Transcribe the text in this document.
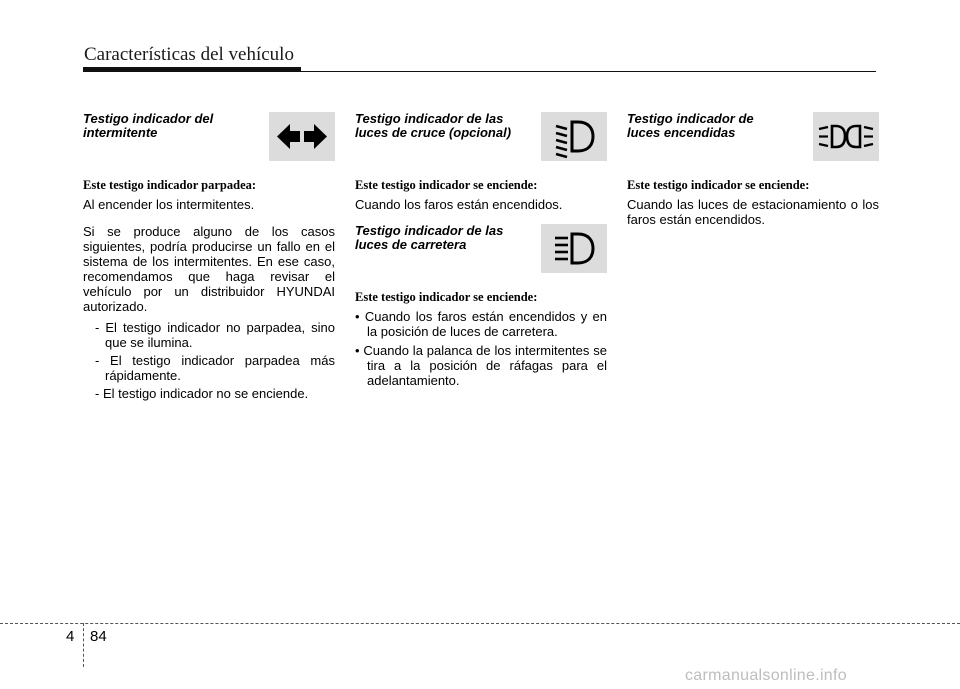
Características del vehículo

Testigo indicador del intermitente

Este testigo indicador parpadea:

Al encender los intermitentes.

Si se produce alguno de los casos siguientes, podría producirse un fallo en el sistema de los intermitentes. En ese caso, recomendamos que haga revisar el vehículo por un distribuidor HYUNDAI autorizado.

- El testigo indicador no parpadea, sino que se ilumina.
- El testigo indicador parpadea más rápidamente.
- El testigo indicador no se enciende.

Testigo indicador de las luces de cruce (opcional)

Este testigo indicador se enciende:

Cuando los faros están encendidos.

Testigo indicador de las luces de carretera

Este testigo indicador se enciende:
• Cuando los faros están encendidos y en la posición de luces de carretera.
• Cuando la palanca de los intermitentes se tira a la posición de ráfagas para el adelantamiento.

Testigo indicador de luces encendidas

Este testigo indicador se enciende:

Cuando las luces de estacionamiento o los faros están encendidos.

4 84
carmanualsonline.info
